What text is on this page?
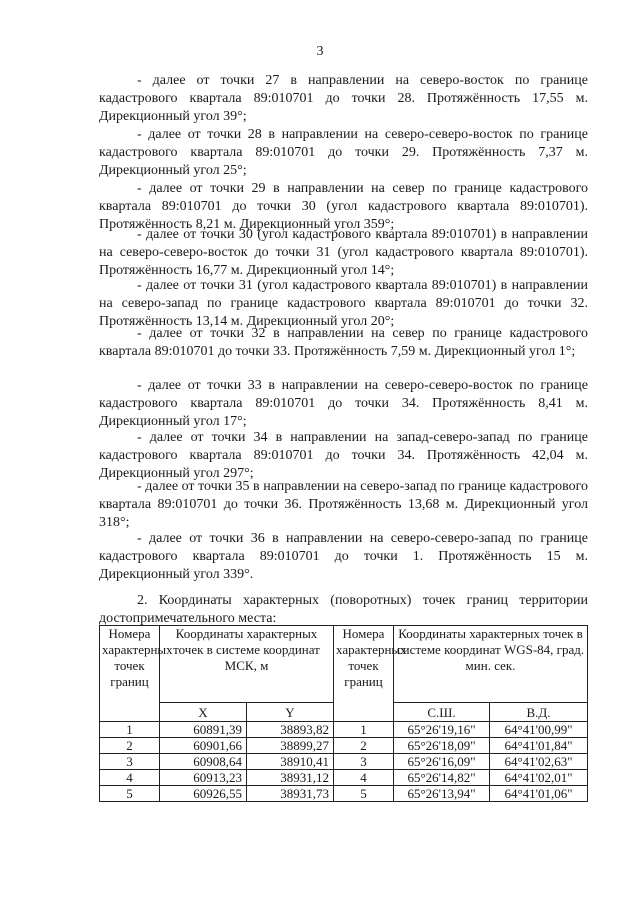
3

- далее от точки 27 в направлении на северо-восток по границе кадастрового квартала 89:010701 до точки 28. Протяжённость 17,55 м. Дирекционный угол 39°;

- далее от точки 28 в направлении на северо-северо-восток по границе кадастрового квартала 89:010701 до точки 29. Протяжённость 7,37 м. Дирекционный угол 25°;

- далее от точки 29 в направлении на север по границе кадастрового квартала 89:010701 до точки 30 (угол кадастрового квартала 89:010701). Протяжённость 8,21 м. Дирекционный угол 359°;

- далее от точки 30 (угол кадастрового квартала 89:010701) в направлении на северо-северо-восток до точки 31 (угол кадастрового квартала 89:010701). Протяжённость 16,77 м. Дирекционный угол 14°;

- далее от точки 31 (угол кадастрового квартала 89:010701) в направлении на северо-запад по границе кадастрового квартала 89:010701 до точки 32. Протяжённость 13,14 м. Дирекционный угол 20°;

- далее от точки 32 в направлении на север по границе кадастрового квартала 89:010701 до точки 33. Протяжённость 7,59 м. Дирекционный угол 1°;

- далее от точки 33 в направлении на северо-северо-восток по границе кадастрового квартала 89:010701 до точки 34. Протяжённость 8,41 м. Дирекционный угол 17°;

- далее от точки 34 в направлении на запад-северо-запад по границе кадастрового квартала 89:010701 до точки 34. Протяжённость 42,04 м. Дирекционный угол 297°;

- далее от точки 35 в направлении на северо-запад по границе кадастрового квартала 89:010701 до точки 36. Протяжённость 13,68 м. Дирекционный угол 318°;

- далее от точки 36 в направлении на северо-северо-запад по границе кадастрового квартала 89:010701 до точки 1. Протяжённость 15 м. Дирекционный угол 339°.

2. Координаты характерных (поворотных) точек границ территории достопримечательного места:

Номера характерных точек границ	Координаты характерных точек в системе координат МСК, м		Номера характерных точек границ	Координаты характерных точек в системе координат WGS-84, град. мин. сек.	
	X	Y		С.Ш.	В.Д.
1	60891,39	38893,82	1	65°26'19,16"	64°41'00,99"
2	60901,66	38899,27	2	65°26'18,09"	64°41'01,84"
3	60908,64	38910,41	3	65°26'16,09"	64°41'02,63"
4	60913,23	38931,12	4	65°26'14,82"	64°41'02,01"
5	60926,55	38931,73	5	65°26'13,94"	64°41'01,06"
